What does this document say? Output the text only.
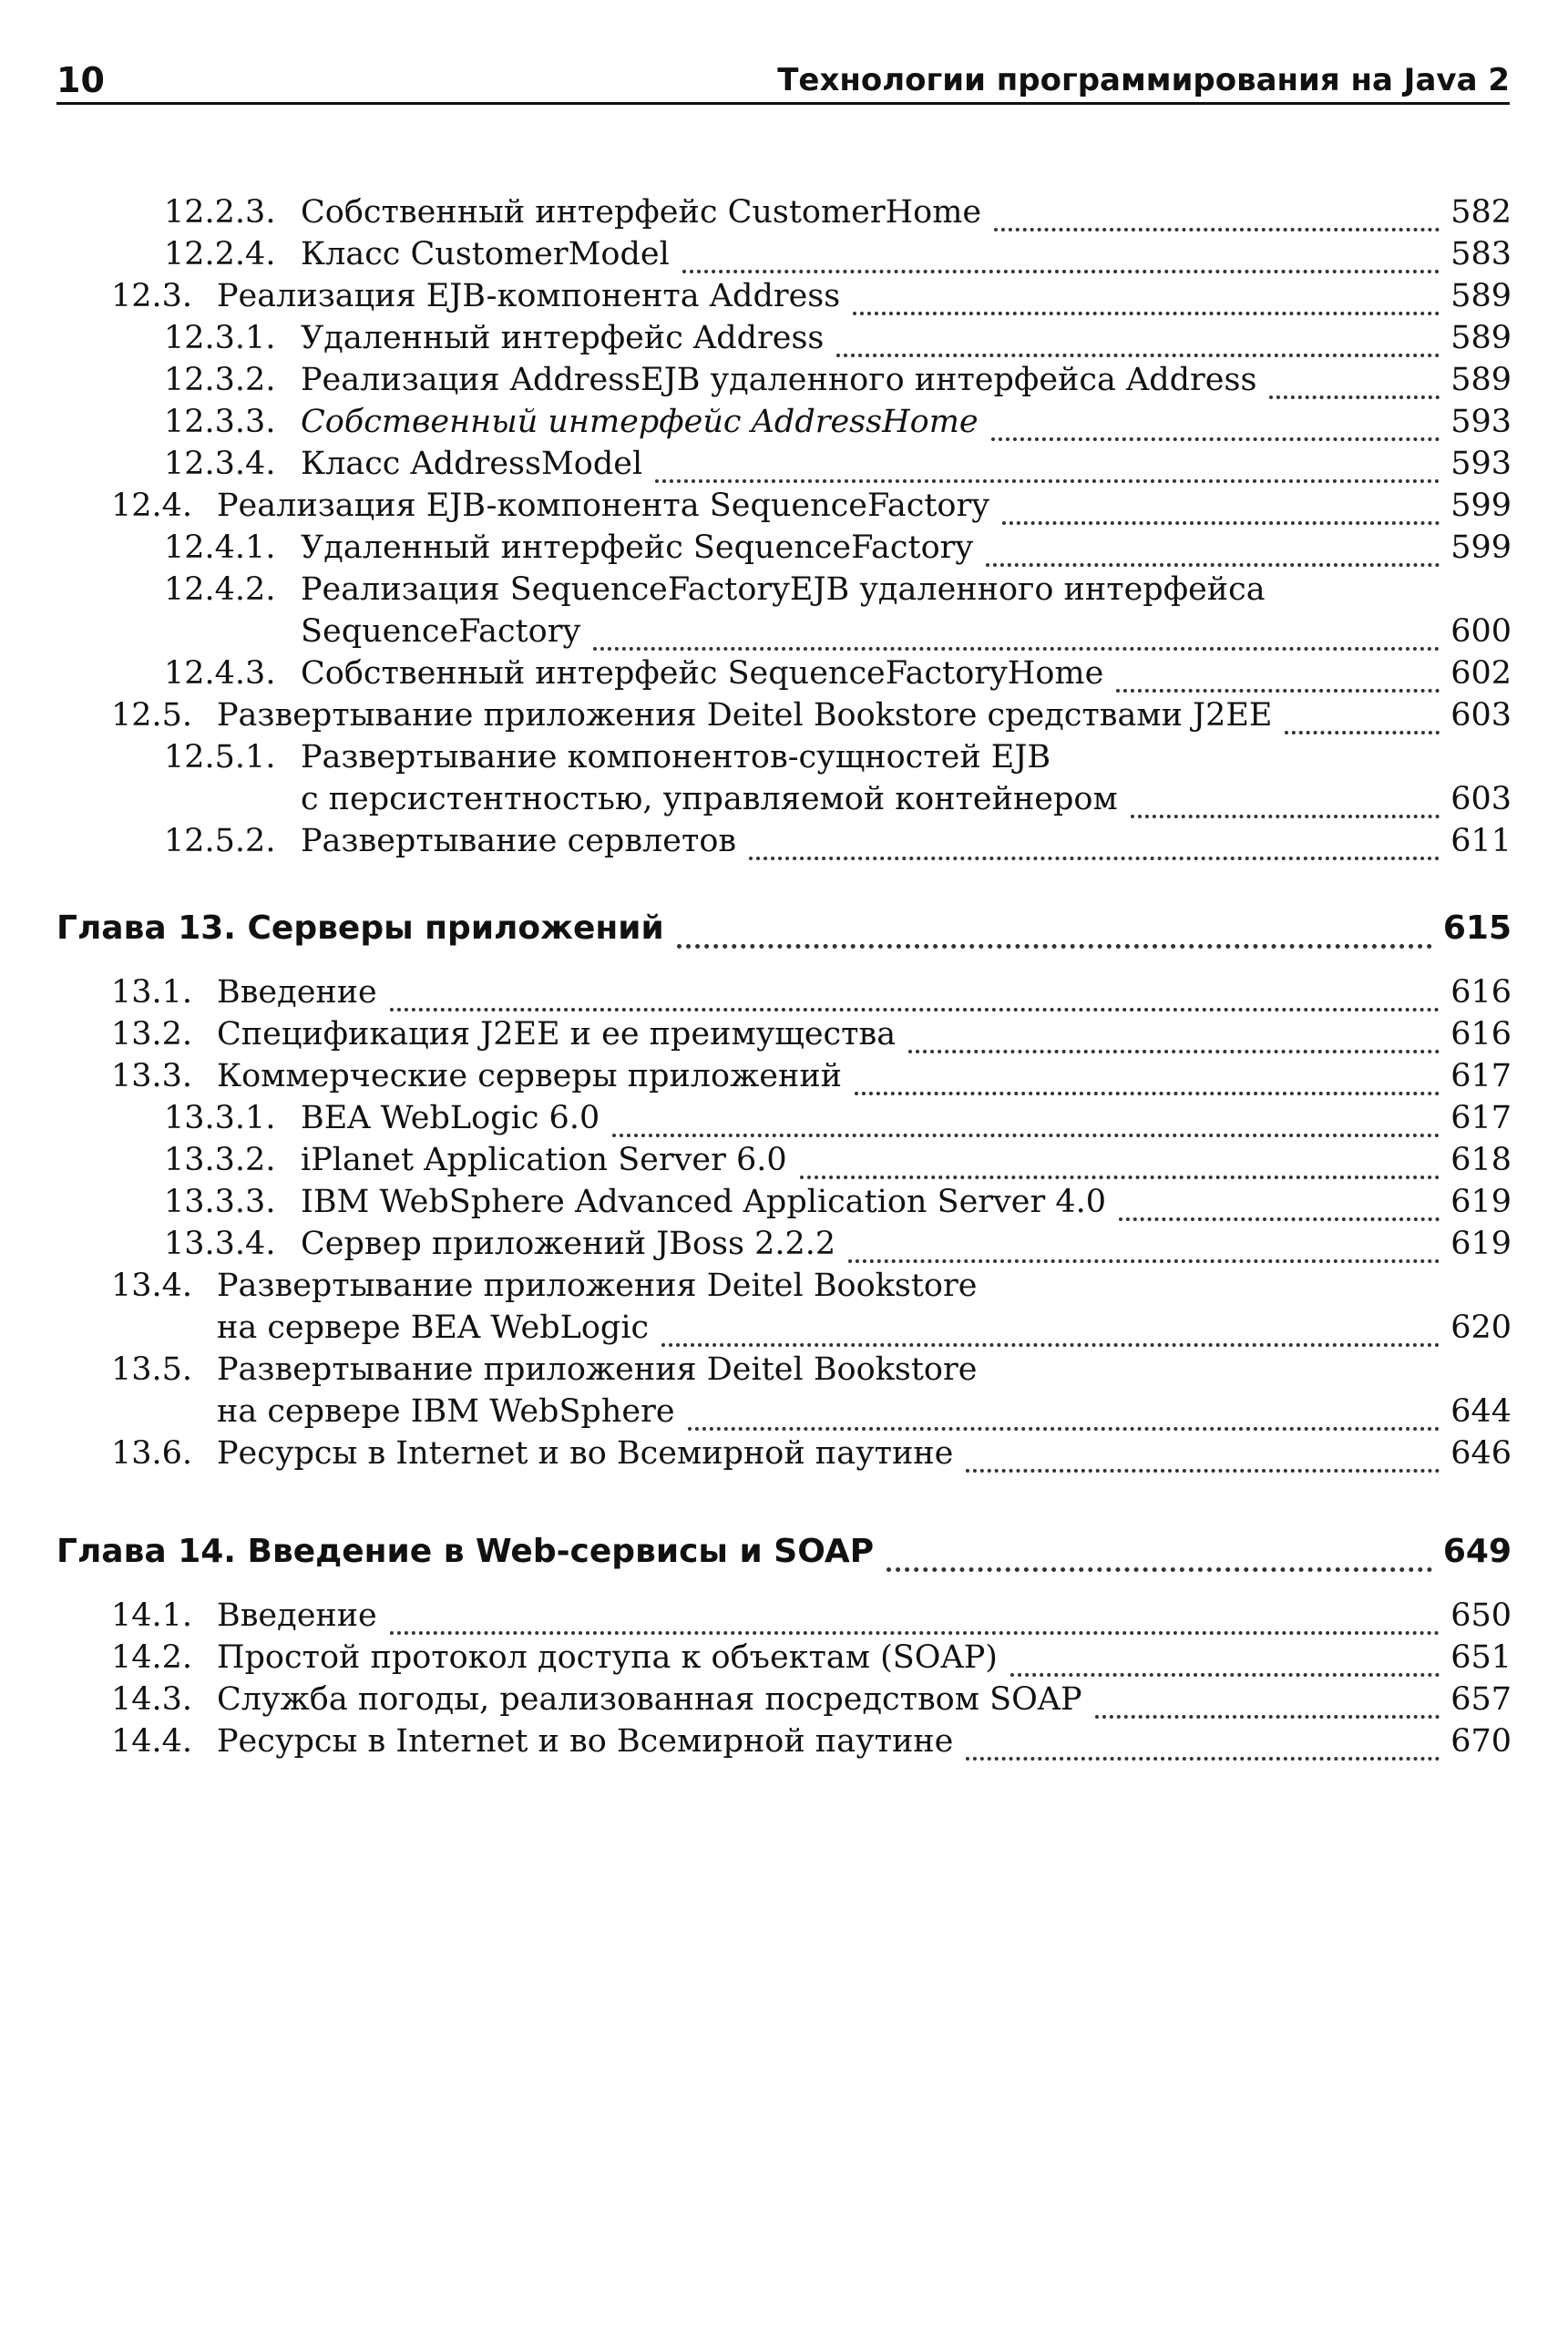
10	Технологии программирования на Java 2
12.2.3. Собственный интерфейс CustomerHome	582
12.2.4. Класс CustomerModel	583
12.3. Реализация EJB-компонента Address	589
12.3.1. Удаленный интерфейс Address	589
12.3.2. Реализация AddressEJB удаленного интерфейса Address	589
12.3.3. Собственный интерфейс AddressHome	593
12.3.4. Класс AddressModel	593
12.4. Реализация EJB-компонента SequenceFactory	599
12.4.1. Удаленный интерфейс SequenceFactory	599
12.4.2. Реализация SequenceFactoryEJB удаленного интерфейса
SequenceFactory	600
12.4.3. Собственный интерфейс SequenceFactoryHome	602
12.5. Развертывание приложения Deitel Bookstore средствами J2EE	603
12.5.1. Развертывание компонентов-сущностей EJB
с персистентностью, управляемой контейнером	603
12.5.2. Развертывание сервлетов	611
Глава 13. Серверы приложений	615
13.1. Введение	616
13.2. Спецификация J2EE и ее преимущества	616
13.3. Коммерческие серверы приложений	617
13.3.1. BEA WebLogic 6.0	617
13.3.2. iPlanet Application Server 6.0	618
13.3.3. IBM WebSphere Advanced Application Server 4.0	619
13.3.4. Сервер приложений JBoss 2.2.2	619
13.4. Развертывание приложения Deitel Bookstore
на сервере BEA WebLogic	620
13.5. Развертывание приложения Deitel Bookstore
на сервере IBM WebSphere	644
13.6. Ресурсы в Internet и во Всемирной паутине	646
Глава 14. Введение в Web-сервисы и SOAP	649
14.1. Введение	650
14.2. Простой протокол доступа к объектам (SOAP)	651
14.3. Служба погоды, реализованная посредством SOAP	657
14.4. Ресурсы в Internet и во Всемирной паутине	670
